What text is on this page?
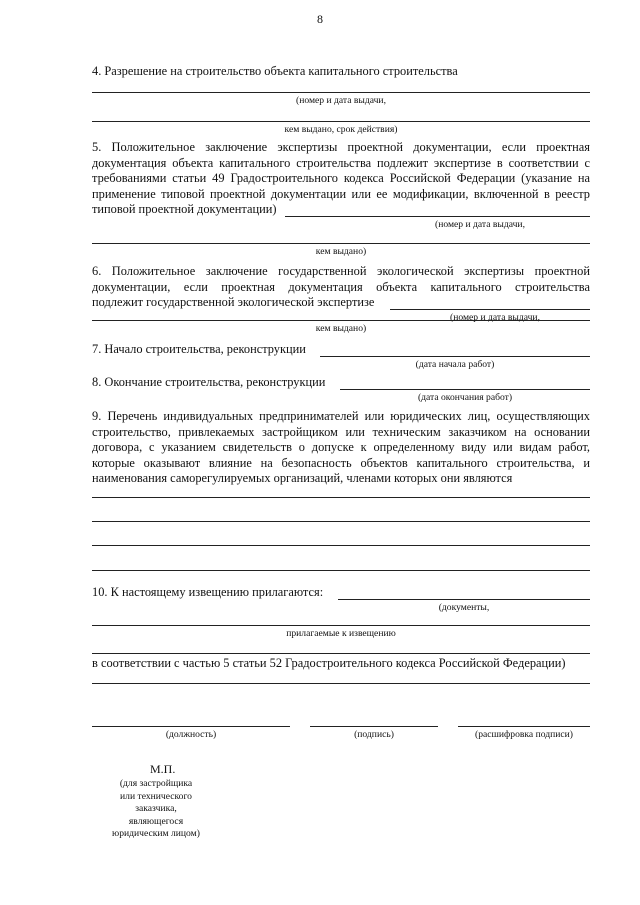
8
4. Разрешение на строительство объекта капитального строительства
(номер и дата выдачи,
кем выдано, срок действия)
5. Положительное заключение экспертизы проектной документации, если проектная
документация объекта капитального строительства подлежит экспертизе в соответствии с
требованиями статьи 49 Градостроительного кодекса Российской Федерации (указание на
применение типовой проектной документации или ее модификации, включенной в реестр
типовой проектной документации)
(номер и дата выдачи,
кем выдано)
6. Положительное заключение государственной экологической экспертизы проектной
документации, если проектная документация объекта капитального строительства
подлежит государственной экологической экспертизе
(номер и дата выдачи,
кем выдано)
7. Начало строительства, реконструкции
(дата начала работ)
8. Окончание строительства, реконструкции
(дата окончания работ)
9. Перечень индивидуальных предпринимателей или юридических лиц, осуществляющих
строительство, привлекаемых застройщиком или техническим заказчиком на основании
договора, с указанием свидетельств о допуске к определенному виду или видам работ,
которые оказывают влияние на безопасность объектов капитального строительства, и
наименования саморегулируемых организаций, членами которых они являются
10. К настоящему извещению прилагаются:
(документы,
прилагаемые к извещению
в соответствии с частью 5 статьи 52 Градостроительного кодекса Российской Федерации)
(должность)	(подпись)	(расшифровка подписи)
М.П.
(для застройщика
или технического
заказчика,
являющегося
юридическим лицом)
